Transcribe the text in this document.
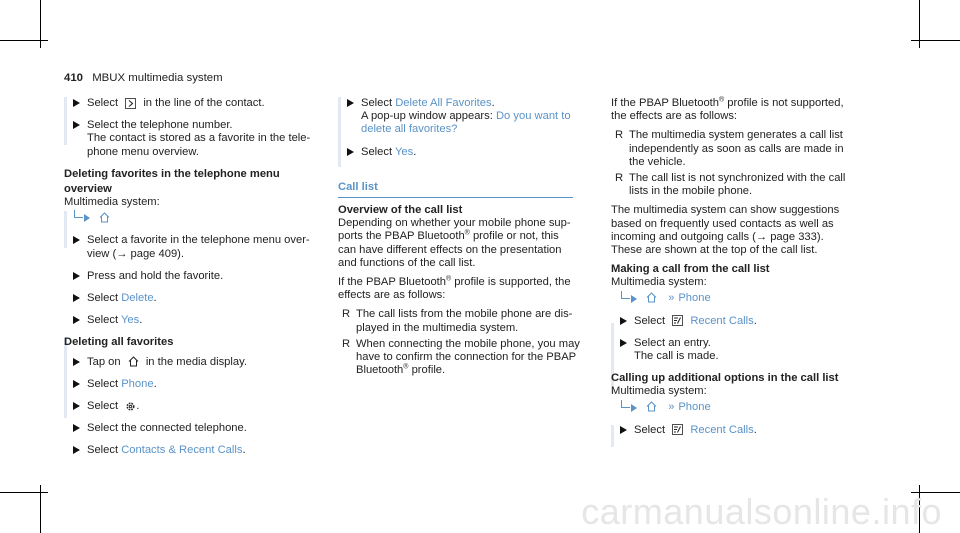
410 MBUX multimedia system
Select in the line of the contact.
Select the telephone number.
The contact is stored as a favorite in the tele-
phone menu overview.
Deleting favorites in the telephone menu
overview
Multimedia system:

Select a favorite in the telephone menu over-
view (→ page 409).
Press and hold the favorite.
Select Delete.
Select Yes.
Deleting all favorites
Tap on in the media display.
Select Phone.
Select .
Select the connected telephone.
Select Contacts & Recent Calls.
Select Delete All Favorites.
A pop-up window appears: Do you want to
delete all favorites?
Select Yes.
Call list
Overview of the call list

Depending on whether your mobile phone sup-
ports the PBAP Bluetooth® profile or not, this
can have different effects on the presentation
and functions of the call list.

If the PBAP Bluetooth® profile is supported, the
effects are as follows:

R The call lists from the mobile phone are dis-
played in the multimedia system.
R When connecting the mobile phone, you may
have to confirm the connection for the PBAP
Bluetooth® profile.

If the PBAP Bluetooth® profile is not supported,
the effects are as follows:

R The multimedia system generates a call list
independently as soon as calls are made in
the vehicle.
R The call list is not synchronized with the call
lists in the mobile phone.

The multimedia system can show suggestions
based on frequently used contacts as well as
incoming and outgoing calls (→ page 333).
These are shown at the top of the call list.

Making a call from the call list
Multimedia system:
» Phone
Select Recent Calls.
Select an entry.
The call is made.
Calling up additional options in the call list
Multimedia system:
» Phone
Select Recent Calls.
carmanualsonline.info
